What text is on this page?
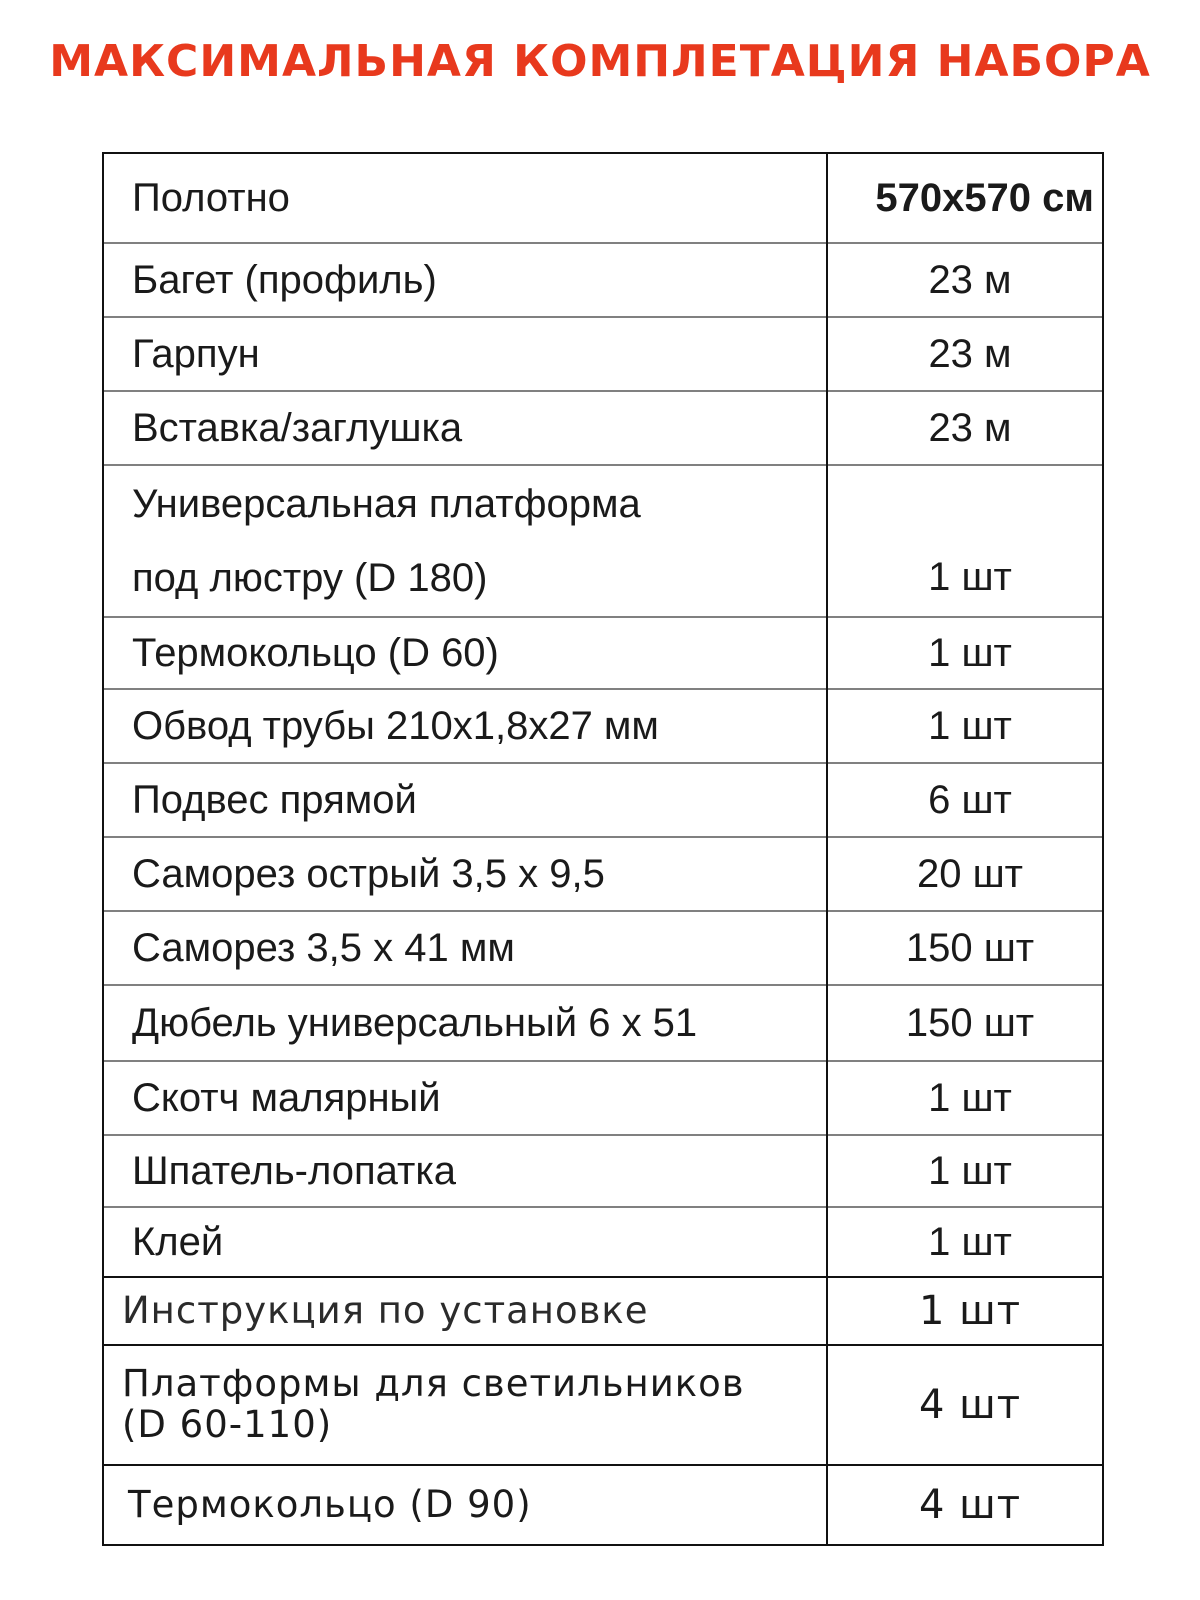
МАКСИМАЛЬНАЯ КОМПЛЕТАЦИЯ НАБОРА
Полотно	570x570 см

Багет (профиль)	23 м

Гарпун	23 м

Вставка/заглушка	23 м

Универсальная платформа
под люстру (D 180)	1 шт

Термокольцо (D 60)	1 шт

Обвод трубы 210x1,8x27 мм	1 шт

Подвес прямой	6 шт

Саморез острый 3,5 х 9,5	20 шт

Саморез 3,5 х 41 мм	150 шт

Дюбель универсальный 6 х 51	150 шт

Скотч малярный	1 шт

Шпатель-лопатка	1 шт

Клей	1 шт

Инструкция по установке	1 шт

Платформы для светильников
(D 60-110)	4 шт

Термокольцо (D 90)	4 шт
